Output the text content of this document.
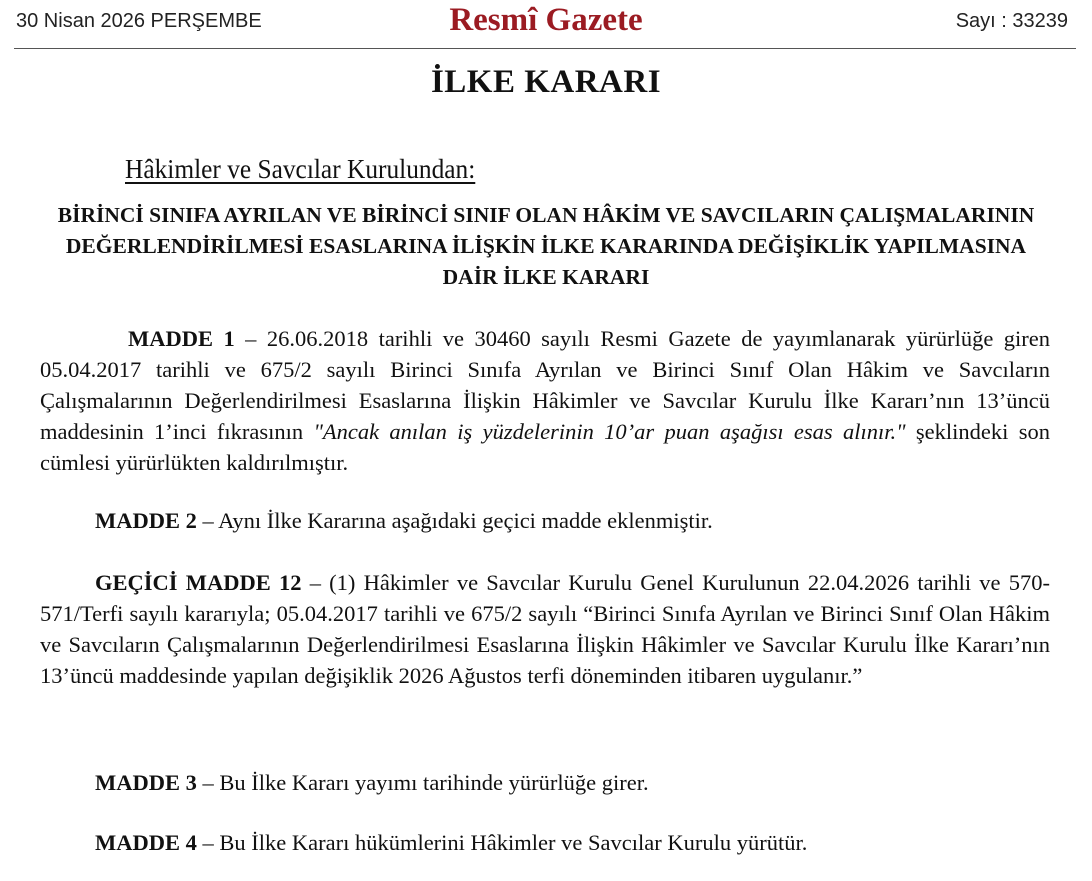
30 Nisan 2026 PERŞEMBE	Resmî Gazete	Sayı : 33239
İLKE KARARI
Hâkimler ve Savcılar Kurulundan:
BİRİNCİ SINIFA AYRILAN VE BİRİNCİ SINIF OLAN HÂKİM VE SAVCILARIN ÇALIŞMALARININ DEĞERLENDİRİLMESİ ESASLARINA İLİŞKİN İLKE KARARINDA DEĞİŞİKLİK YAPILMASINA DAİR İLKE KARARI
MADDE 1 – 26.06.2018 tarihli ve 30460 sayılı Resmi Gazete de yayımlanarak yürürlüğe giren 05.04.2017 tarihli ve 675/2 sayılı Birinci Sınıfa Ayrılan ve Birinci Sınıf Olan Hâkim ve Savcıların Çalışmalarının Değerlendirilmesi Esaslarına İlişkin Hâkimler ve Savcılar Kurulu İlke Kararı’nın 13’üncü maddesinin 1’inci fıkrasının "Ancak anılan iş yüzdelerinin 10’ar puan aşağısı esas alınır." şeklindeki son cümlesi yürürlükten kaldırılmıştır.
MADDE 2 – Aynı İlke Kararına aşağıdaki geçici madde eklenmiştir.
GEÇİCİ MADDE 12 – (1) Hâkimler ve Savcılar Kurulu Genel Kurulunun 22.04.2026 tarihli ve 570-571/Terfi sayılı kararıyla; 05.04.2017 tarihli ve 675/2 sayılı “Birinci Sınıfa Ayrılan ve Birinci Sınıf Olan Hâkim ve Savcıların Çalışmalarının Değerlendirilmesi Esaslarına İlişkin Hâkimler ve Savcılar Kurulu İlke Kararı’nın 13’üncü maddesinde yapılan değişiklik 2026 Ağustos terfi döneminden itibaren uygulanır.”
MADDE 3 – Bu İlke Kararı yayımı tarihinde yürürlüğe girer.
MADDE 4 – Bu İlke Kararı hükümlerini Hâkimler ve Savcılar Kurulu yürütür.
